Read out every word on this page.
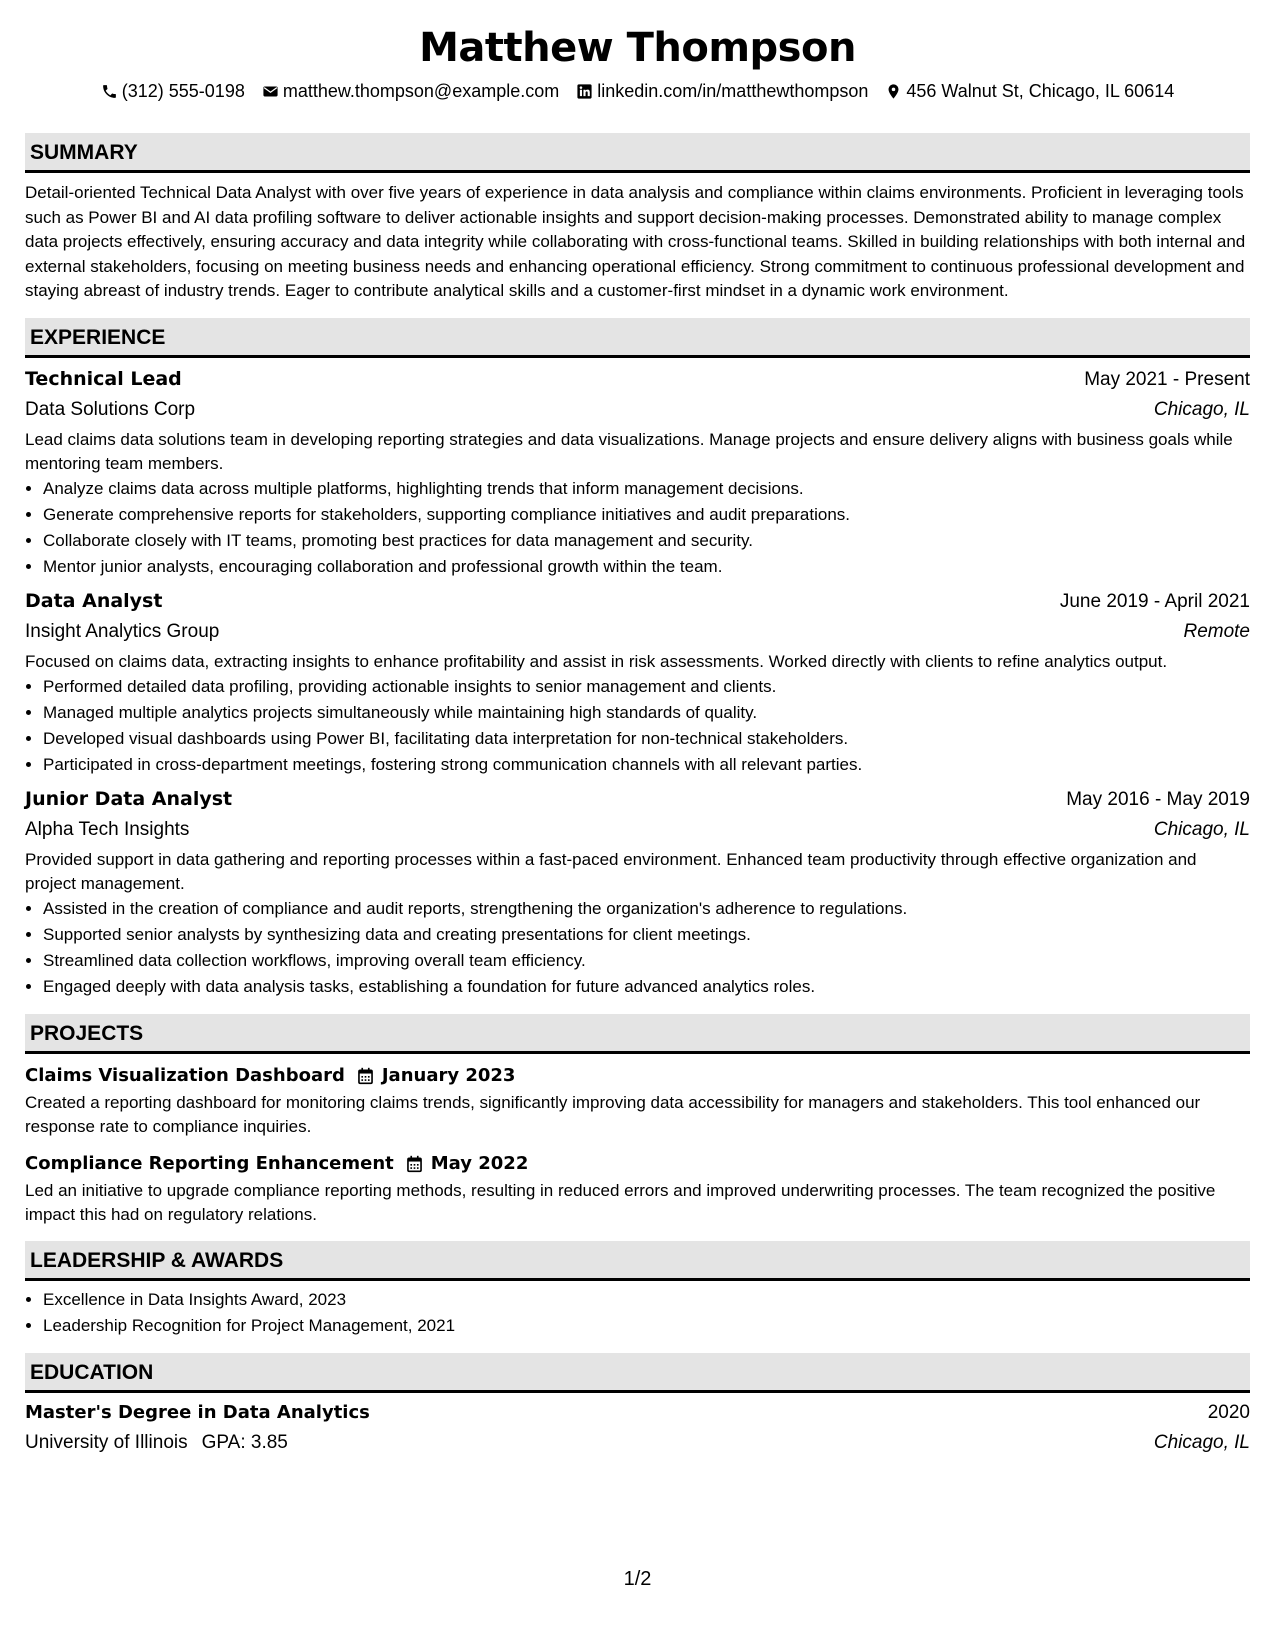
Matthew Thompson
(312) 555-0198 matthew.thompson@example.com linkedin.com/in/matthewthompson 456 Walnut St, Chicago, IL 60614
SUMMARY
Detail-oriented Technical Data Analyst with over five years of experience in data analysis and compliance within claims environments. Proficient in leveraging tools such as Power BI and AI data profiling software to deliver actionable insights and support decision-making processes. Demonstrated ability to manage complex data projects effectively, ensuring accuracy and data integrity while collaborating with cross-functional teams. Skilled in building relationships with both internal and external stakeholders, focusing on meeting business needs and enhancing operational efficiency. Strong commitment to continuous professional development and staying abreast of industry trends. Eager to contribute analytical skills and a customer-first mindset in a dynamic work environment.
EXPERIENCE
Technical Lead	May 2021 - Present
Data Solutions Corp	Chicago, IL
Lead claims data solutions team in developing reporting strategies and data visualizations. Manage projects and ensure delivery aligns with business goals while mentoring team members.
• Analyze claims data across multiple platforms, highlighting trends that inform management decisions.
• Generate comprehensive reports for stakeholders, supporting compliance initiatives and audit preparations.
• Collaborate closely with IT teams, promoting best practices for data management and security.
• Mentor junior analysts, encouraging collaboration and professional growth within the team.
Data Analyst	June 2019 - April 2021
Insight Analytics Group	Remote
Focused on claims data, extracting insights to enhance profitability and assist in risk assessments. Worked directly with clients to refine analytics output.
• Performed detailed data profiling, providing actionable insights to senior management and clients.
• Managed multiple analytics projects simultaneously while maintaining high standards of quality.
• Developed visual dashboards using Power BI, facilitating data interpretation for non-technical stakeholders.
• Participated in cross-department meetings, fostering strong communication channels with all relevant parties.
Junior Data Analyst	May 2016 - May 2019
Alpha Tech Insights	Chicago, IL
Provided support in data gathering and reporting processes within a fast-paced environment. Enhanced team productivity through effective organization and project management.
• Assisted in the creation of compliance and audit reports, strengthening the organization's adherence to regulations.
• Supported senior analysts by synthesizing data and creating presentations for client meetings.
• Streamlined data collection workflows, improving overall team efficiency.
• Engaged deeply with data analysis tasks, establishing a foundation for future advanced analytics roles.
PROJECTS
Claims Visualization Dashboard January 2023
Created a reporting dashboard for monitoring claims trends, significantly improving data accessibility for managers and stakeholders. This tool enhanced our response rate to compliance inquiries.
Compliance Reporting Enhancement May 2022
Led an initiative to upgrade compliance reporting methods, resulting in reduced errors and improved underwriting processes. The team recognized the positive impact this had on regulatory relations.
LEADERSHIP & AWARDS
• Excellence in Data Insights Award, 2023
• Leadership Recognition for Project Management, 2021
EDUCATION
Master's Degree in Data Analytics	2020
University of Illinois GPA: 3.85	Chicago, IL
1/2
